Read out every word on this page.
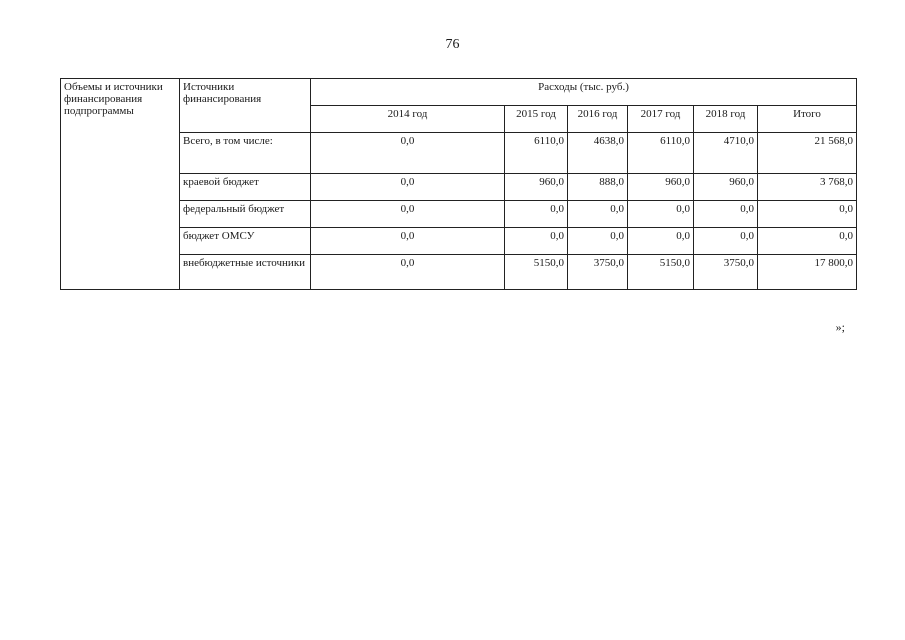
76
Объемы и источники финансирования подпрограммы	Источники финансирования	Расходы (тыс. руб.)					
		2014 год	2015 год	2016 год	2017 год	2018 год	Итого
	Всего, в том числе:	0,0	6110,0	4638,0	6110,0	4710,0	21 568,0
	краевой бюджет	0,0	960,0	888,0	960,0	960,0	3 768,0
	федеральный бюджет	0,0	0,0	0,0	0,0	0,0	0,0
	бюджет ОМСУ	0,0	0,0	0,0	0,0	0,0	0,0
	внебюджетные источники	0,0	5150,0	3750,0	5150,0	3750,0	17 800,0
»;
